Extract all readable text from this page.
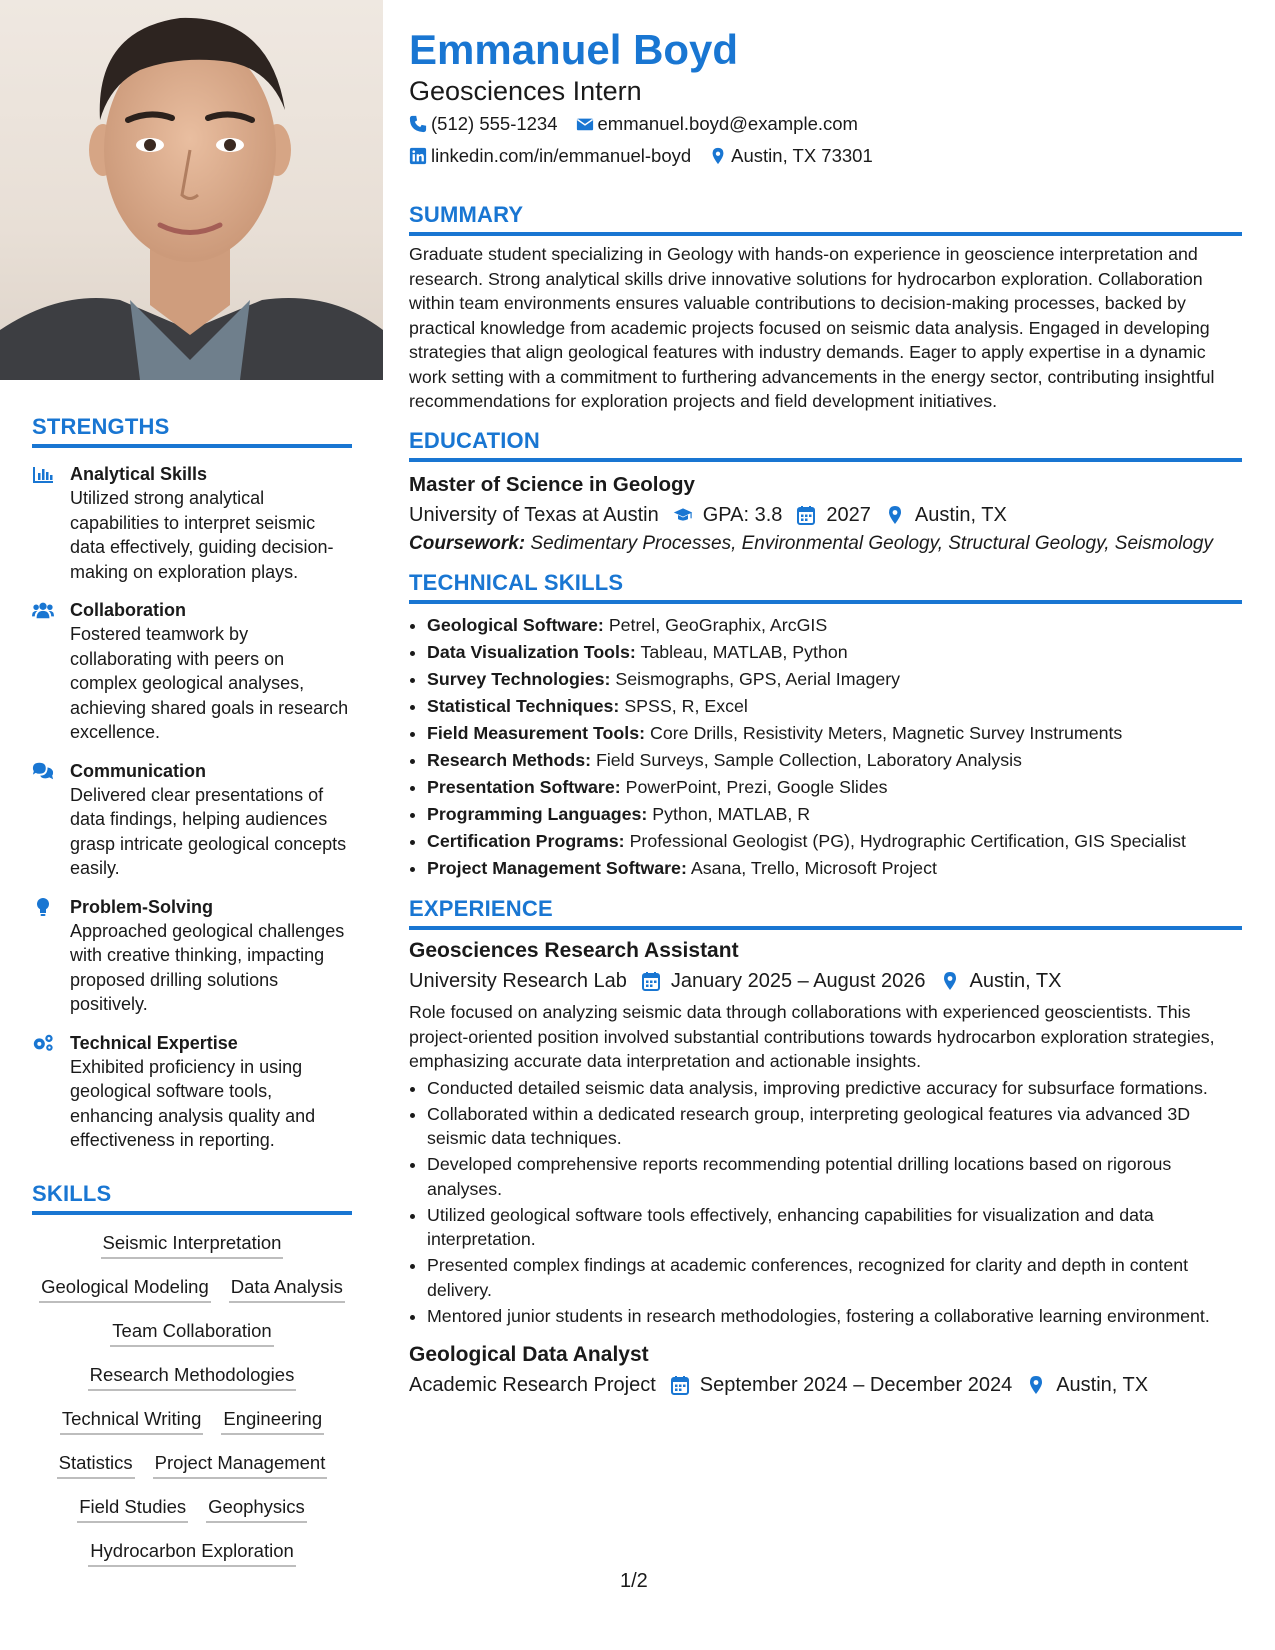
STRENGTHS
Analytical Skills
Utilized strong analytical capabilities to interpret seismic data effectively, guiding decision-making on exploration plays.
Collaboration
Fostered teamwork by collaborating with peers on complex geological analyses, achieving shared goals in research excellence.
Communication
Delivered clear presentations of data findings, helping audiences grasp intricate geological concepts easily.
Problem-Solving
Approached geological challenges with creative thinking, impacting proposed drilling solutions positively.
Technical Expertise
Exhibited proficiency in using geological software tools, enhancing analysis quality and effectiveness in reporting.
SKILLS
Seismic Interpretation
Geological Modeling Data Analysis
Team Collaboration
Research Methodologies
Technical Writing Engineering
Statistics Project Management
Field Studies Geophysics
Hydrocarbon Exploration
Emmanuel Boyd
Geosciences Intern
(512) 555-1234 emmanuel.boyd@example.com
linkedin.com/in/emmanuel-boyd Austin, TX 73301
SUMMARY
Graduate student specializing in Geology with hands-on experience in geoscience interpretation and research. Strong analytical skills drive innovative solutions for hydrocarbon exploration. Collaboration within team environments ensures valuable contributions to decision-making processes, backed by practical knowledge from academic projects focused on seismic data analysis. Engaged in developing strategies that align geological features with industry demands. Eager to apply expertise in a dynamic work setting with a commitment to furthering advancements in the energy sector, contributing insightful recommendations for exploration projects and field development initiatives.
EDUCATION
Master of Science in Geology
University of Texas at Austin GPA: 3.8 2027 Austin, TX
Coursework: Sedimentary Processes, Environmental Geology, Structural Geology, Seismology
TECHNICAL SKILLS
• Geological Software: Petrel, GeoGraphix, ArcGIS
• Data Visualization Tools: Tableau, MATLAB, Python
• Survey Technologies: Seismographs, GPS, Aerial Imagery
• Statistical Techniques: SPSS, R, Excel
• Field Measurement Tools: Core Drills, Resistivity Meters, Magnetic Survey Instruments
• Research Methods: Field Surveys, Sample Collection, Laboratory Analysis
• Presentation Software: PowerPoint, Prezi, Google Slides
• Programming Languages: Python, MATLAB, R
• Certification Programs: Professional Geologist (PG), Hydrographic Certification, GIS Specialist
• Project Management Software: Asana, Trello, Microsoft Project
EXPERIENCE
Geosciences Research Assistant
University Research Lab January 2025 – August 2026 Austin, TX
Role focused on analyzing seismic data through collaborations with experienced geoscientists. This project-oriented position involved substantial contributions towards hydrocarbon exploration strategies, emphasizing accurate data interpretation and actionable insights.
• Conducted detailed seismic data analysis, improving predictive accuracy for subsurface formations.
• Collaborated within a dedicated research group, interpreting geological features via advanced 3D seismic data techniques.
• Developed comprehensive reports recommending potential drilling locations based on rigorous analyses.
• Utilized geological software tools effectively, enhancing capabilities for visualization and data interpretation.
• Presented complex findings at academic conferences, recognized for clarity and depth in content delivery.
• Mentored junior students in research methodologies, fostering a collaborative learning environment.
Geological Data Analyst
Academic Research Project September 2024 – December 2024 Austin, TX
1/2
